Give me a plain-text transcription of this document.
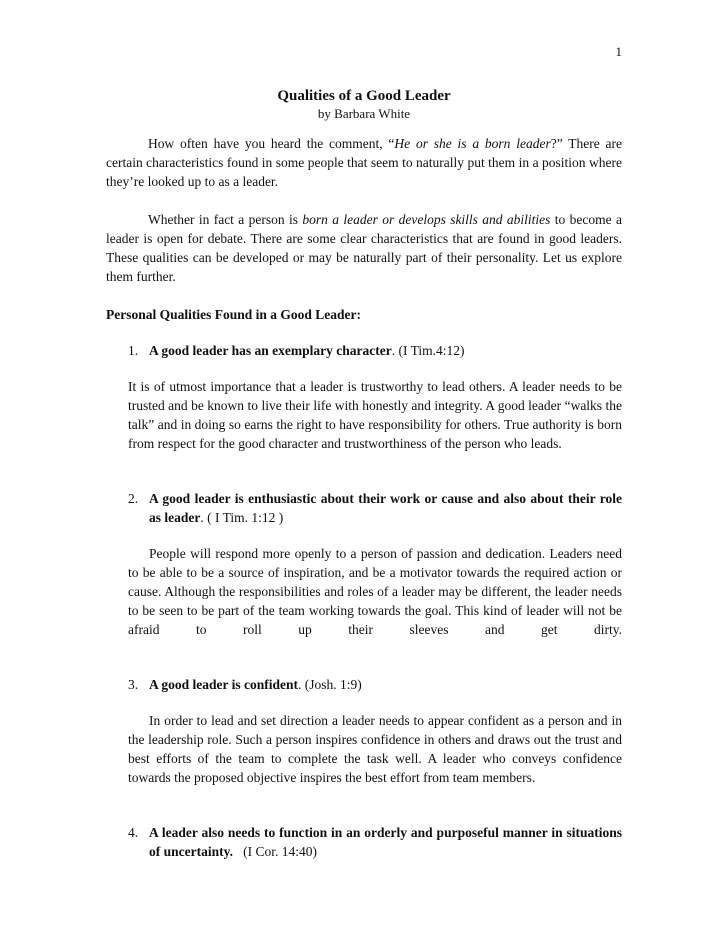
1
Qualities of a Good Leader
by Barbara White

How often have you heard the comment, “He or she is a born leader?” There are certain characteristics found in some people that seem to naturally put them in a position where they’re looked up to as a leader.

Whether in fact a person is born a leader or develops skills and abilities to become a leader is open for debate. There are some clear characteristics that are found in good leaders. These qualities can be developed or may be naturally part of their personality. Let us explore them further.

Personal Qualities Found in a Good Leader:

1. A good leader has an exemplary character. (I Tim.4:12)

It is of utmost importance that a leader is trustworthy to lead others. A leader needs to be trusted and be known to live their life with honestly and integrity. A good leader “walks the talk” and in doing so earns the right to have responsibility for others. True authority is born from respect for the good character and trustworthiness of the person who leads.

2. A good leader is enthusiastic about their work or cause and also about their role as leader. ( I Tim. 1:12 )

People will respond more openly to a person of passion and dedication. Leaders need to be able to be a source of inspiration, and be a motivator towards the required action or cause. Although the responsibilities and roles of a leader may be different, the leader needs to be seen to be part of the team working towards the goal. This kind of leader will not be afraid to roll up their sleeves and get dirty.

3. A good leader is confident. (Josh. 1:9)

In order to lead and set direction a leader needs to appear confident as a person and in the leadership role. Such a person inspires confidence in others and draws out the trust and best efforts of the team to complete the task well. A leader who conveys confidence towards the proposed objective inspires the best effort from team members.

4. A leader also needs to function in an orderly and purposeful manner in situations of uncertainty.   (I Cor. 14:40)
